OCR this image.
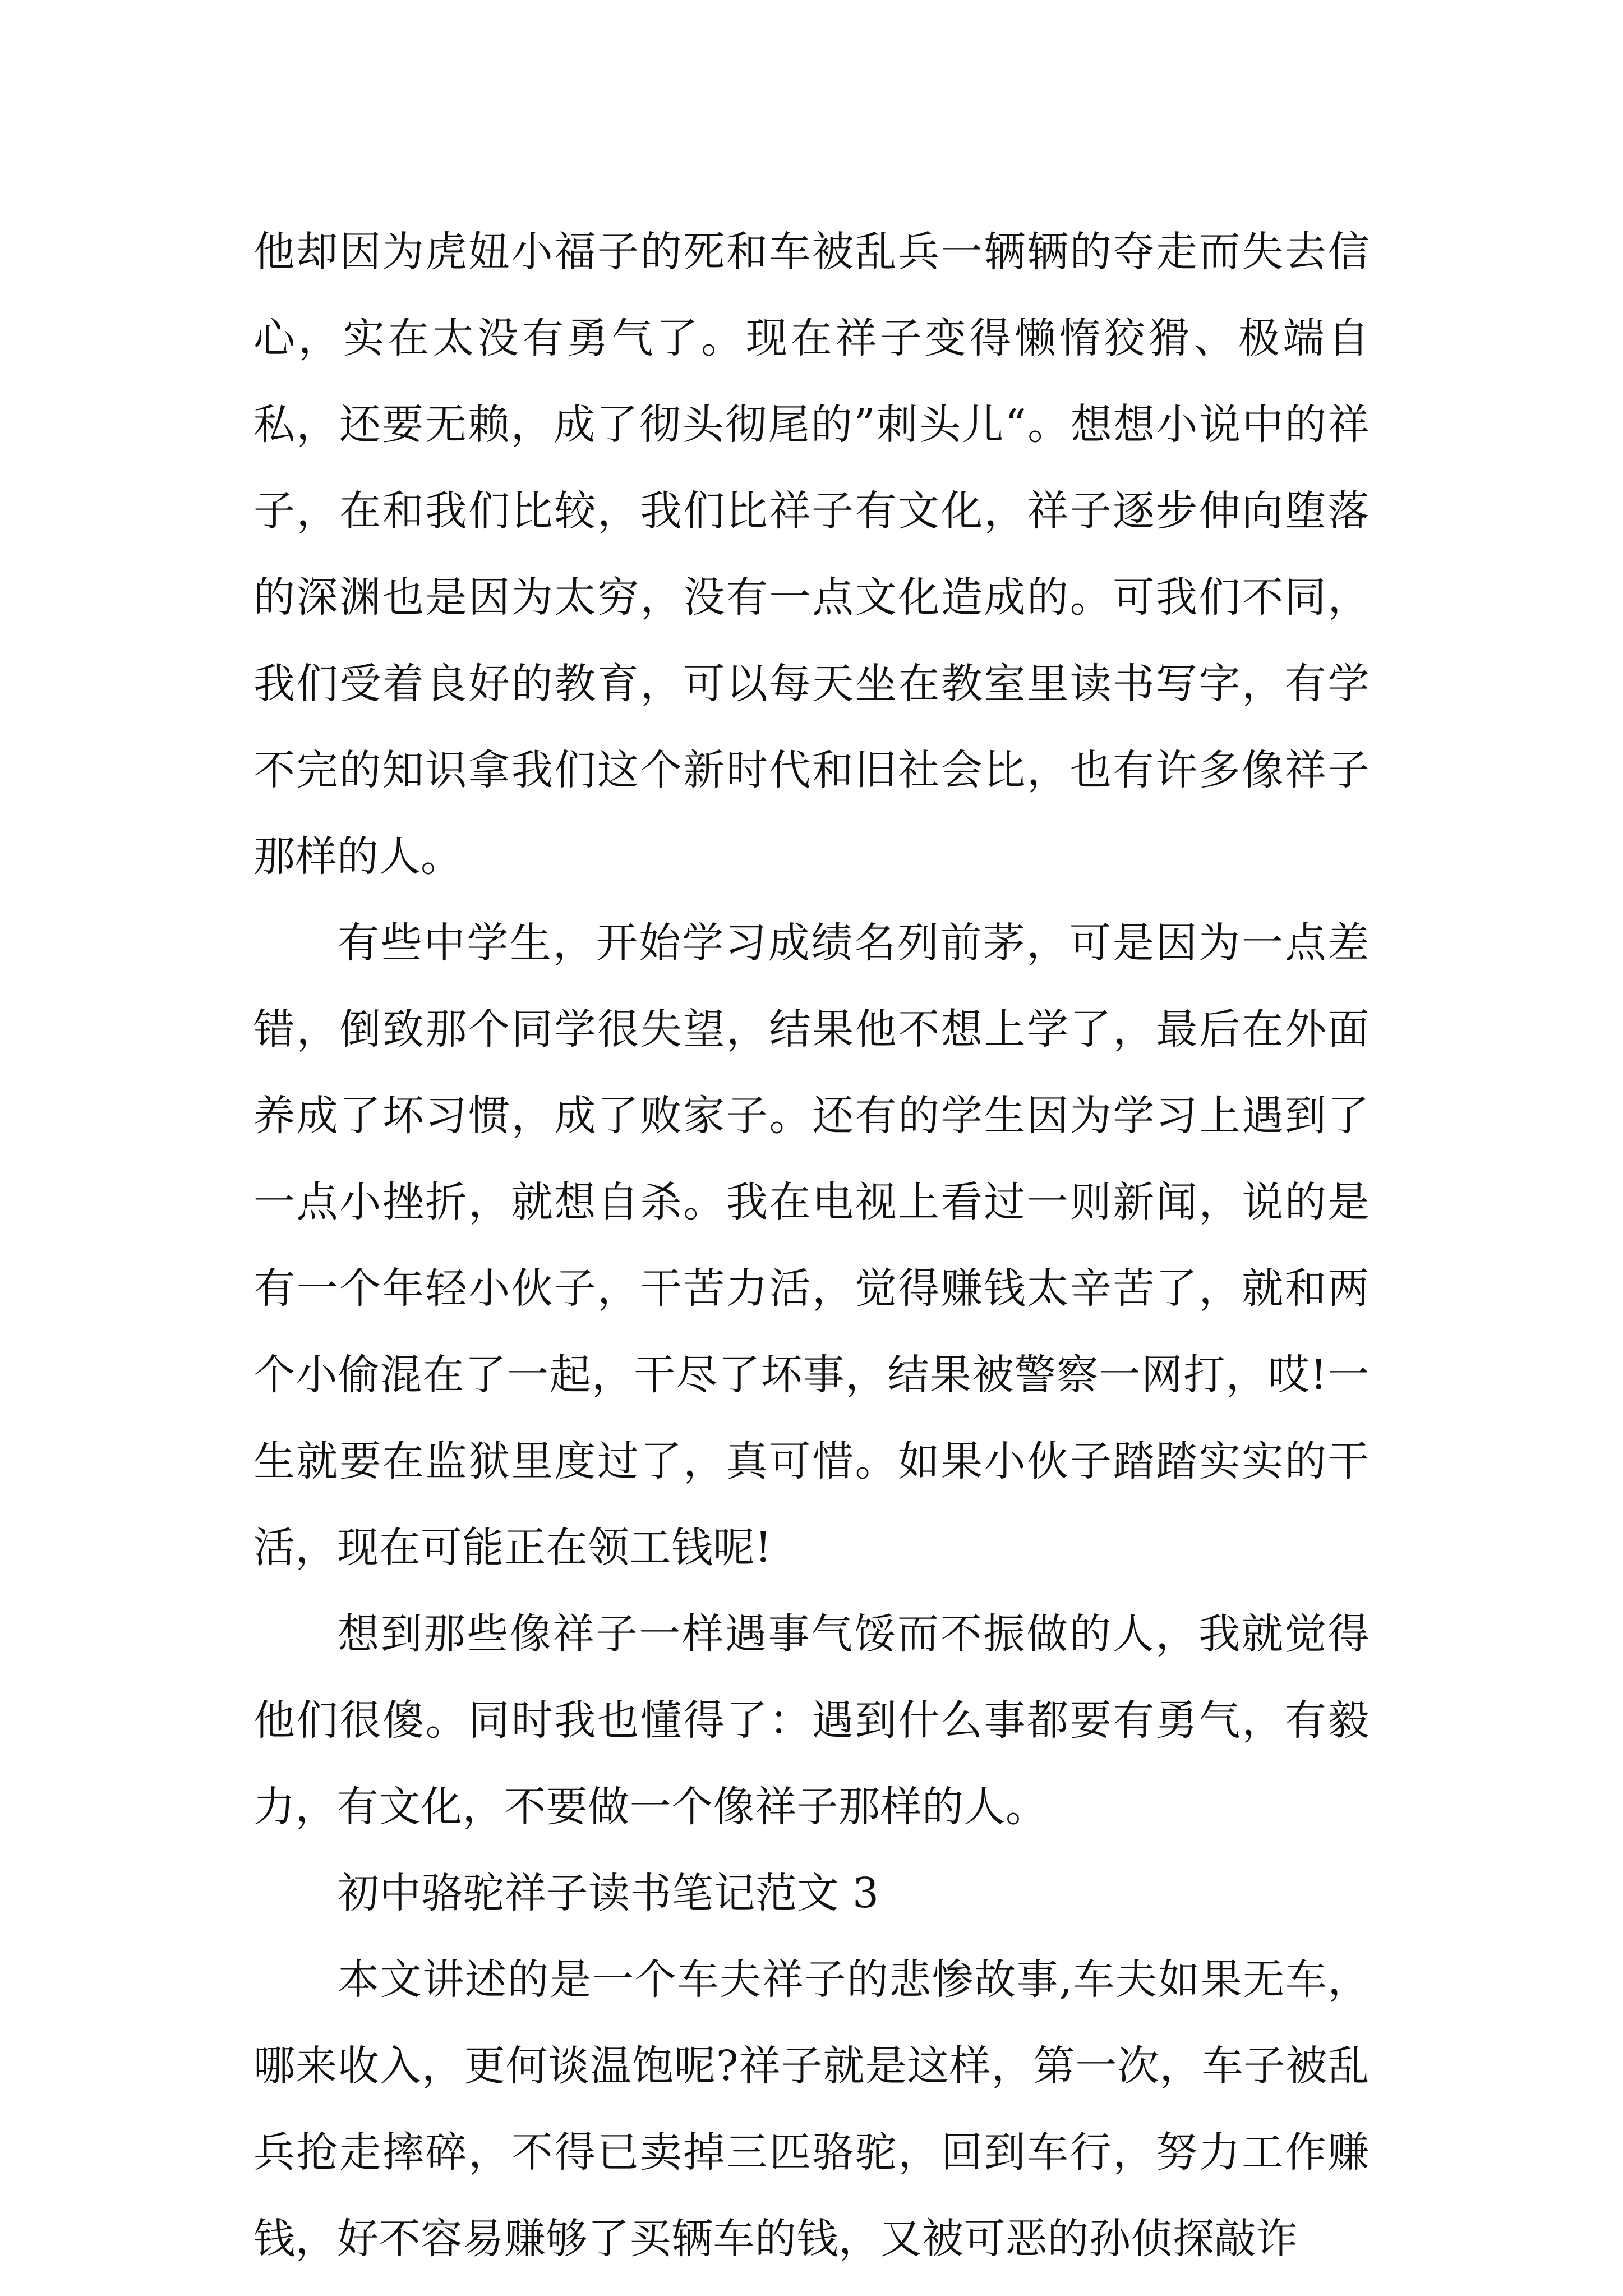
他却因为虎妞小福子的死和车被乱兵一辆辆的夺走而失去信心，实在太没有勇气了。现在祥子变得懒惰狡猾、极端自私，还要无赖，成了彻头彻尾的”刺头儿“。想想小说中的祥子，在和我们比较，我们比祥子有文化，祥子逐步伸向堕落的深渊也是因为太穷，没有一点文化造成的。可我们不同，我们受着良好的教育，可以每天坐在教室里读书写字，有学不完的知识拿我们这个新时代和旧社会比，也有许多像祥子那样的人。

有些中学生，开始学习成绩名列前茅，可是因为一点差错，倒致那个同学很失望，结果他不想上学了，最后在外面养成了坏习惯，成了败家子。还有的学生因为学习上遇到了一点小挫折，就想自杀。我在电视上看过一则新闻，说的是有一个年轻小伙子，干苦力活，觉得赚钱太辛苦了，就和两个小偷混在了一起，干尽了坏事，结果被警察一网打，哎!一生就要在监狱里度过了，真可惜。如果小伙子踏踏实实的干活，现在可能正在领工钱呢!

想到那些像祥子一样遇事气馁而不振做的人，我就觉得他们很傻。同时我也懂得了：遇到什么事都要有勇气，有毅力，有文化，不要做一个像祥子那样的人。

初中骆驼祥子读书笔记范文 3

本文讲述的是一个车夫祥子的悲惨故事,车夫如果无车，哪来收入，更何谈温饱呢?祥子就是这样，第一次，车子被乱兵抢走摔碎，不得已卖掉三匹骆驼，回到车行，努力工作赚钱，好不容易赚够了买辆车的钱，又被可恶的孙侦探敲诈
